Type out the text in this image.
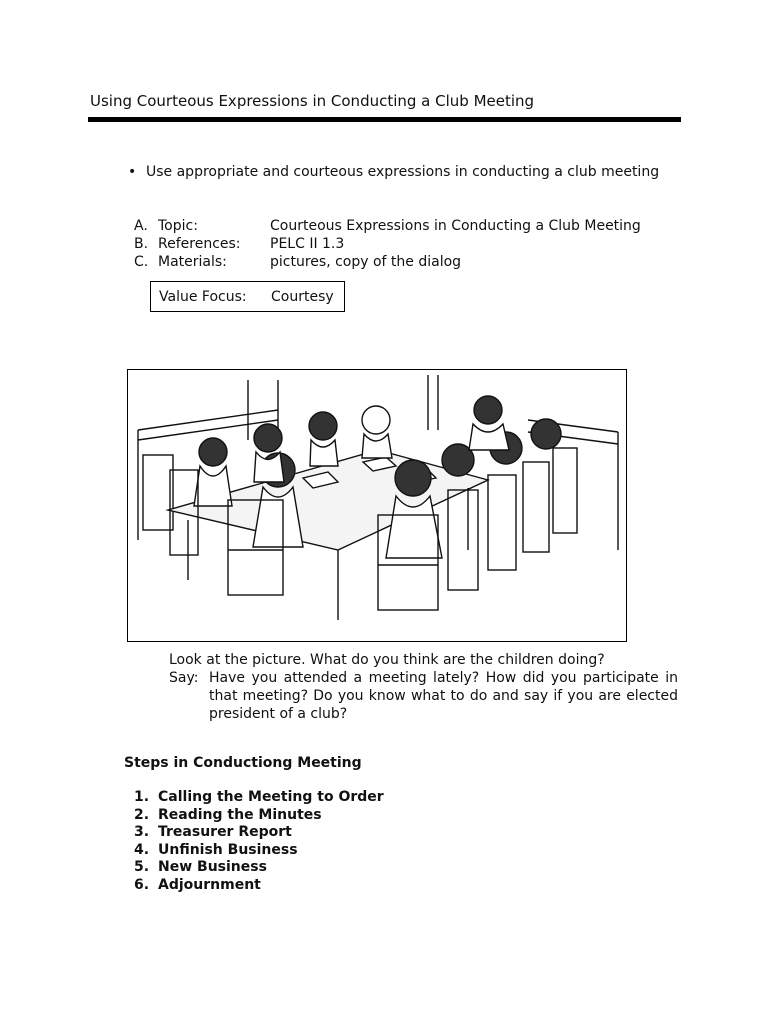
Using Courteous Expressions in Conducting a Club Meeting
• Use appropriate and courteous expressions in conducting a club meeting
A. Topic:	Courteous Expressions in Conducting a Club Meeting
B. References:	PELC II 1.3
C. Materials:	pictures, copy of the dialog
Value Focus:	Courtesy
Look at the picture. What do you think are the children doing?
Say: Have you attended a meeting lately? How did you participate in that meeting? Do you know what to do and say if you are elected president of a club?
Steps in Conductiong Meeting
1. Calling the Meeting to Order
2. Reading the Minutes
3. Treasurer Report
4. Unfinish Business
5. New Business
6. Adjournment
